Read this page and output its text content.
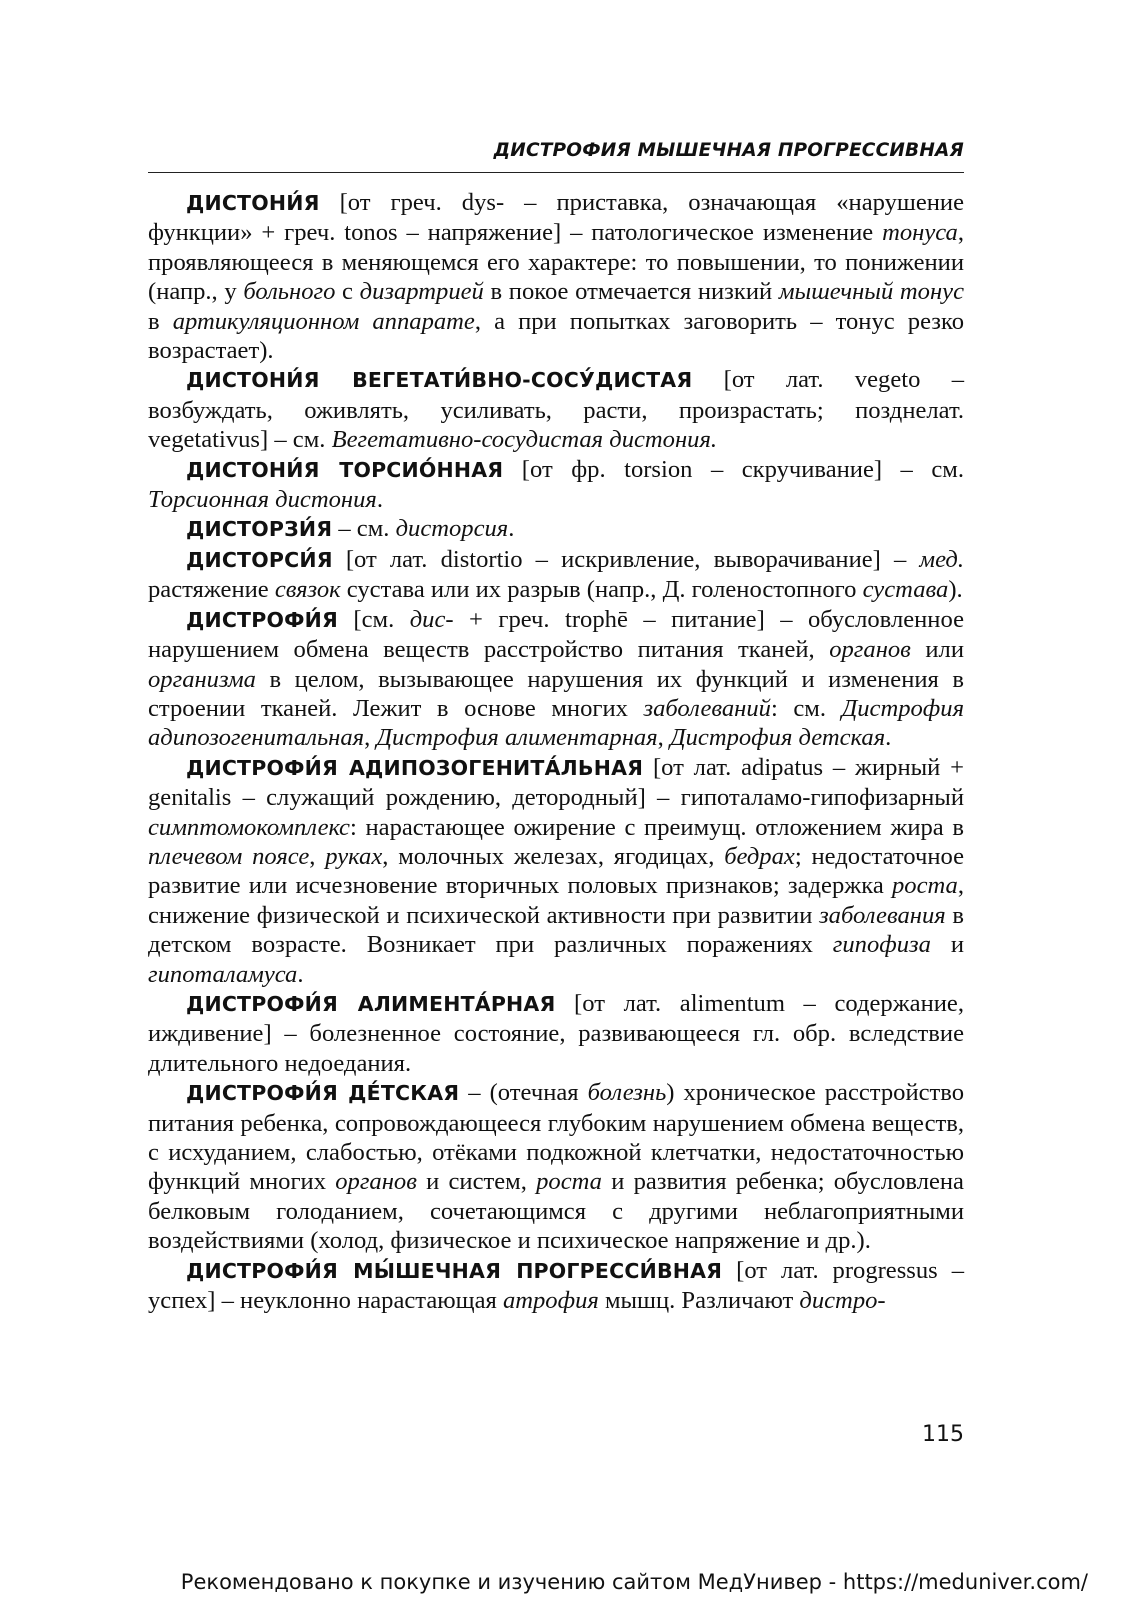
ДИСТРОФИЯ МЫШЕЧНАЯ ПРОГРЕССИВНАЯ

ДИСТОНИ́Я [от греч. dys- – приставка, означающая «нарушение функции» + греч. tonos – напряжение] – патологическое изменение тонуса, проявляющееся в меняющемся его характере: то повышении, то понижении (напр., у больного с дизартрией в покое отмечается низкий мышечный тонус в артикуляционном аппарате, а при попытках заговорить – тонус резко возрастает).

ДИСТОНИ́Я ВЕГЕТАТИ́ВНО-СОСУ́ДИСТАЯ [от лат. vegeto – возбуждать, оживлять, усиливать, расти, произрастать; позднелат. vegetativus] – см. Вегетативно-сосудистая дистония.

ДИСТОНИ́Я ТОРСИО́ННАЯ [от фр. torsion – скручивание] – см. Торсионная дистония.

ДИСТОРЗИ́Я – см. дисторсия.

ДИСТОРСИ́Я [от лат. distortio – искривление, выворачивание] – мед. растяжение связок сустава или их разрыв (напр., Д. голеностопного сустава).

ДИСТРОФИ́Я [см. дис- + греч. trophē – питание] – обусловленное нарушением обмена веществ расстройство питания тканей, органов или организма в целом, вызывающее нарушения их функций и изменения в строении тканей. Лежит в основе многих заболеваний: см. Дистрофия адипозогенитальная, Дистрофия алиментарная, Дистрофия детская.

ДИСТРОФИ́Я АДИПОЗОГЕНИТА́ЛЬНАЯ [от лат. adipatus – жирный + genitalis – служащий рождению, детородный] – гипоталамо-гипофизарный симптомокомплекс: нарастающее ожирение с преимущ. отложением жира в плечевом поясе, руках, молочных железах, ягодицах, бедрах; недостаточное развитие или исчезновение вторичных половых признаков; задержка роста, снижение физической и психической активности при развитии заболевания в детском возрасте. Возникает при различных поражениях гипофиза и гипоталамуса.

ДИСТРОФИ́Я АЛИМЕНТА́РНАЯ [от лат. alimentum – содержание, иждивение] – болезненное состояние, развивающееся гл. обр. вследствие длительного недоедания.

ДИСТРОФИ́Я ДЕ́ТСКАЯ – (отечная болезнь) хроническое расстройство питания ребенка, сопровождающееся глубоким нарушением обмена веществ, с исхуданием, слабостью, отёками подкожной клетчатки, недостаточностью функций многих органов и систем, роста и развития ребенка; обусловлена белковым голоданием, сочетающимся с другими неблагоприятными воздействиями (холод, физическое и психическое напряжение и др.).

ДИСТРОФИ́Я МЫ́ШЕЧНАЯ ПРОГРЕССИ́ВНАЯ [от лат. progressus – успех] – неуклонно нарастающая атрофия мышц. Различают дистро-

115
Рекомендовано к покупке и изучению сайтом МедУнивер - https://meduniver.com/
